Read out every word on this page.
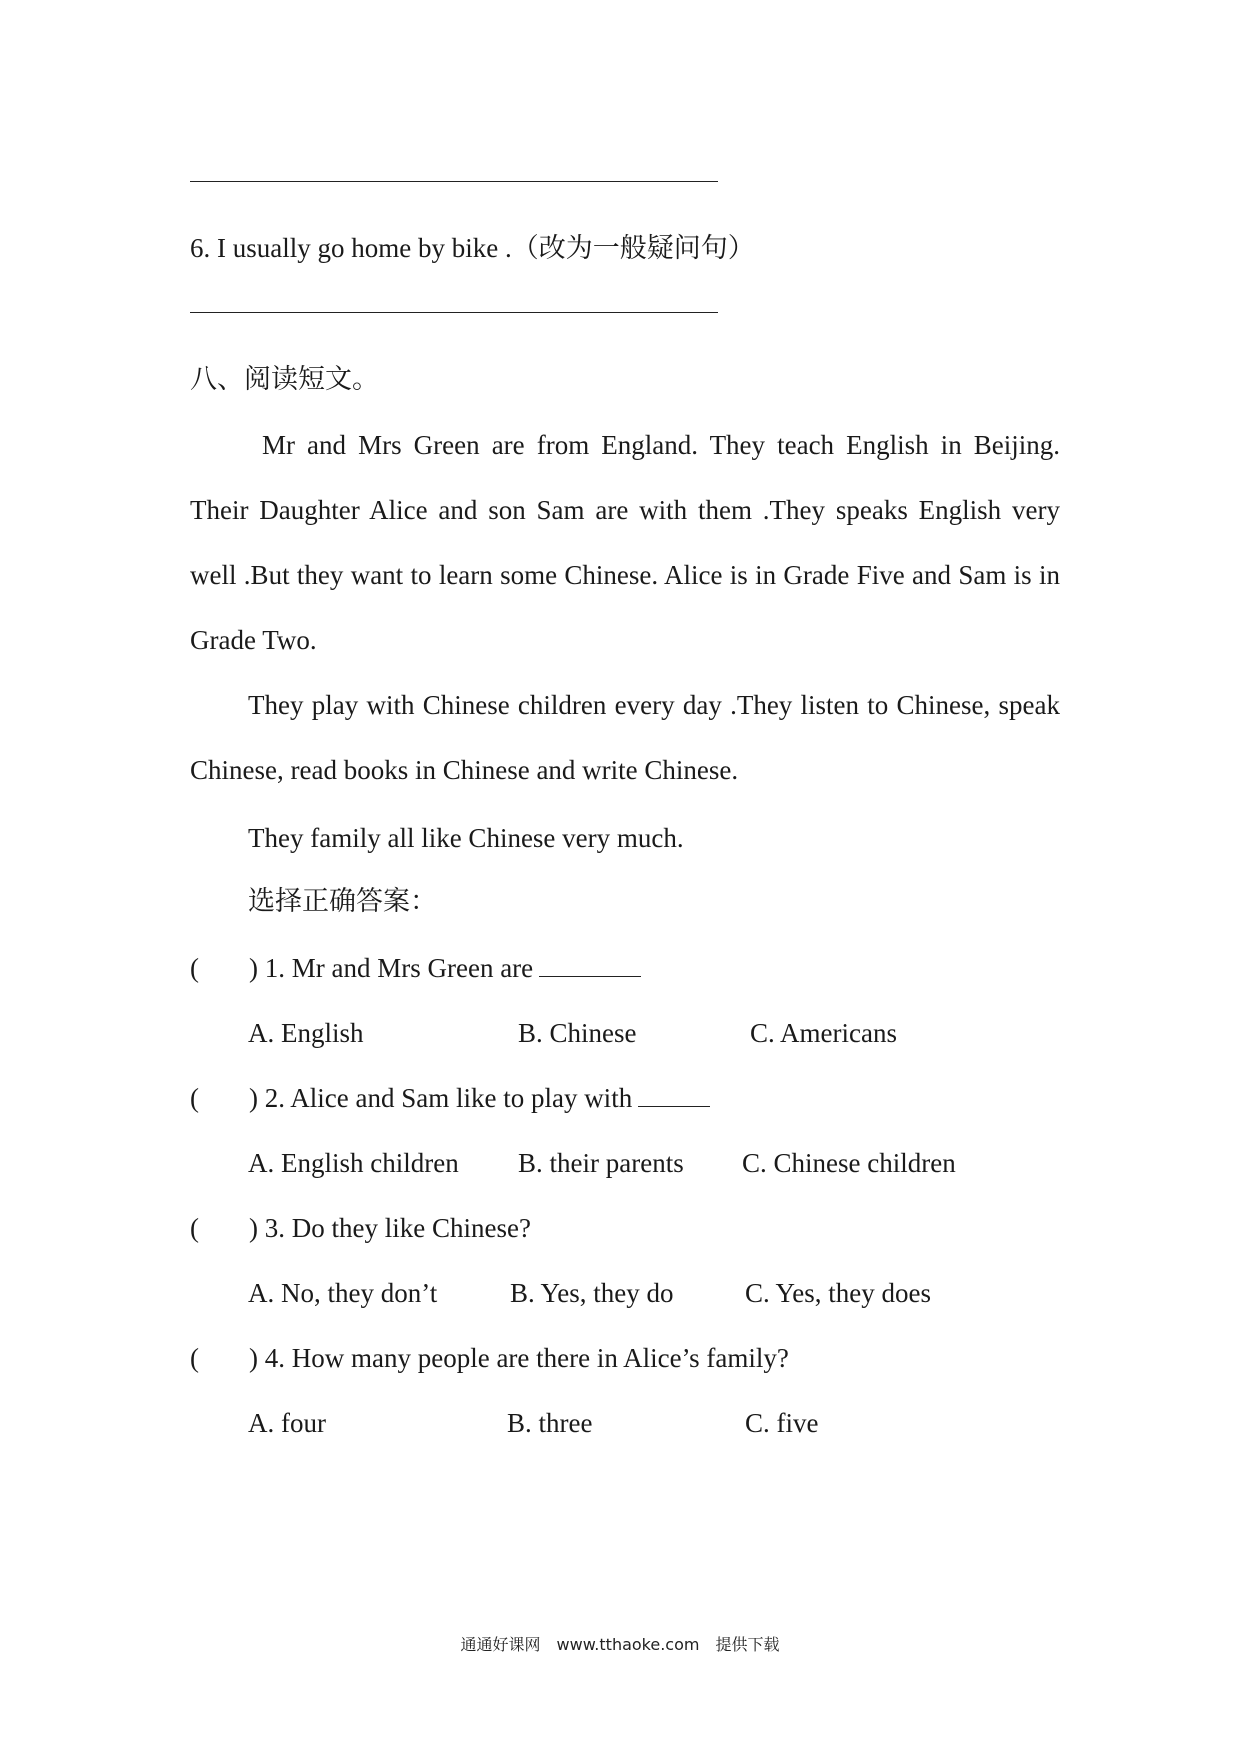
6. I usually go home by bike .（改为一般疑问句）
八、阅读短文。
Mr and Mrs Green are from England. They teach English in Beijing. Their Daughter Alice and son Sam are with them .They speaks English very well .But they want to learn some Chinese. Alice is in Grade Five and Sam is in Grade Two.
They play with Chinese children every day .They listen to Chinese, speak Chinese, read books in Chinese and write Chinese.
They family all like Chinese very much.
选择正确答案：
( ) 1. Mr and Mrs Green are
A. English	B. Chinese	C. Americans
( ) 2. Alice and Sam like to play with
A. English children B. their parents C. Chinese children
( ) 3. Do they like Chinese?
A. No, they don’t	B. Yes, they do	C. Yes, they does
( ) 4. How many people are there in Alice’s family?
A. four	B. three	C. five
通通好课网　www.tthaoke.com　提供下载
